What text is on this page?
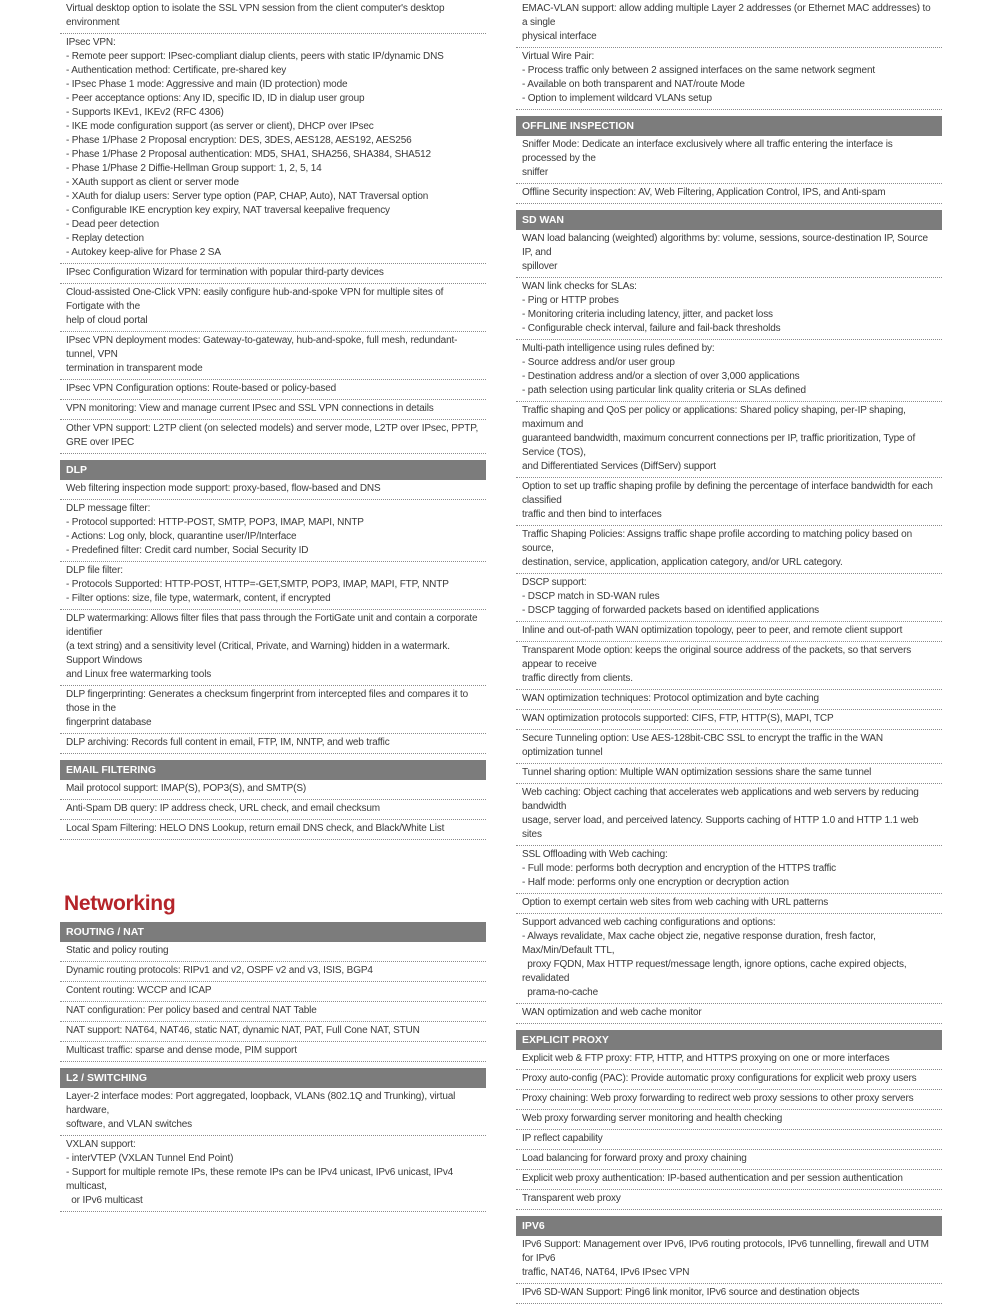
Virtual desktop option to isolate the SSL VPN session from the client computer's desktop environment
IPsec VPN:
- Remote peer support: IPsec-compliant dialup clients, peers with static IP/dynamic DNS
- Authentication method: Certificate, pre-shared key
- IPsec Phase 1 mode: Aggressive and main (ID protection) mode
- Peer acceptance options: Any ID, specific ID, ID in dialup user group
- Supports IKEv1, IKEv2 (RFC 4306)
- IKE mode configuration support (as server or client), DHCP over IPsec
- Phase 1/Phase 2 Proposal encryption: DES, 3DES, AES128, AES192, AES256
- Phase 1/Phase 2 Proposal authentication: MD5, SHA1, SHA256, SHA384, SHA512
- Phase 1/Phase 2 Diffie-Hellman Group support: 1, 2, 5, 14
- XAuth support as client or server mode
- XAuth for dialup users: Server type option (PAP, CHAP, Auto), NAT Traversal option
- Configurable IKE encryption key expiry, NAT traversal keepalive frequency
- Dead peer detection
- Replay detection
- Autokey keep-alive for Phase 2 SA
IPsec Configuration Wizard for termination with popular third-party devices
Cloud-assisted One-Click VPN: easily configure hub-and-spoke VPN for multiple sites of Fortigate with the
help of cloud portal
IPsec VPN deployment modes: Gateway-to-gateway, hub-and-spoke, full mesh, redundant-tunnel, VPN
termination in transparent mode
IPsec VPN Configuration options: Route-based or policy-based
VPN monitoring: View and manage current IPsec and SSL VPN connections in details
Other VPN support: L2TP client (on selected models) and server mode, L2TP over IPsec, PPTP,
GRE over IPEC
DLP
Web filtering inspection mode support: proxy-based, flow-based and DNS
DLP message filter:
- Protocol supported: HTTP-POST, SMTP, POP3, IMAP, MAPI, NNTP
- Actions: Log only, block, quarantine user/IP/Interface
- Predefined filter: Credit card number, Social Security ID
DLP file filter:
- Protocols Supported: HTTP-POST, HTTP=-GET,SMTP, POP3, IMAP, MAPI, FTP, NNTP
- Filter options: size, file type, watermark, content, if encrypted
DLP watermarking: Allows filter files that pass through the FortiGate unit and contain a corporate identifier
(a text string) and a sensitivity level (Critical, Private, and Warning) hidden in a watermark. Support Windows
and Linux free watermarking tools
DLP fingerprinting: Generates a checksum fingerprint from intercepted files and compares it to those in the
fingerprint database
DLP archiving: Records full content in email, FTP, IM, NNTP, and web traffic
EMAIL FILTERING
Mail protocol support: IMAP(S), POP3(S), and SMTP(S)
Anti-Spam DB query: IP address check, URL check, and email checksum
Local Spam Filtering: HELO DNS Lookup, return email DNS check, and Black/White List
Networking
ROUTING / NAT
Static and policy routing
Dynamic routing protocols: RIPv1 and v2, OSPF v2 and v3, ISIS, BGP4
Content routing: WCCP and ICAP
NAT configuration: Per policy based and central NAT Table
NAT support: NAT64, NAT46, static NAT, dynamic NAT, PAT, Full Cone NAT, STUN
Multicast traffic: sparse and dense mode, PIM support
L2 / SWITCHING
Layer-2 interface modes: Port aggregated, loopback, VLANs (802.1Q and Trunking), virtual hardware,
software, and VLAN switches
VXLAN support:
- interVTEP (VXLAN Tunnel End Point)
- Support for multiple remote IPs, these remote IPs can be IPv4 unicast, IPv6 unicast, IPv4 multicast,
or IPv6 multicast
EMAC-VLAN support: allow adding multiple Layer 2 addresses (or Ethernet MAC addresses) to a single
physical interface
Virtual Wire Pair:
- Process traffic only between 2 assigned interfaces on the same network segment
- Available on both transparent and NAT/route Mode
- Option to implement wildcard VLANs setup
OFFLINE INSPECTION
Sniffer Mode: Dedicate an interface exclusively where all traffic entering the interface is processed by the
sniffer
Offline Security inspection: AV, Web Filtering, Application Control, IPS, and Anti-spam
SD WAN
WAN load balancing (weighted) algorithms by: volume, sessions, source-destination IP, Source IP, and
spillover
WAN link checks for SLAs:
- Ping or HTTP probes
- Monitoring criteria including latency, jitter, and packet loss
- Configurable check interval, failure and fail-back thresholds
Multi-path intelligence using rules defined by:
- Source address and/or user group
- Destination address and/or a slection of over 3,000 applications
- path selection using particular link quality criteria or SLAs defined
Traffic shaping and QoS per policy or applications: Shared policy shaping, per-IP shaping, maximum and
guaranteed bandwidth, maximum concurrent connections per IP, traffic prioritization, Type of Service (TOS),
and Differentiated Services (DiffServ) support
Option to set up traffic shaping profile by defining the percentage of interface bandwidth for each classified
traffic and then bind to interfaces
Traffic Shaping Policies: Assigns traffic shape profile according to matching policy based on source,
destination, service, application, application category, and/or URL category.
DSCP support:
- DSCP match in SD-WAN rules
- DSCP tagging of forwarded packets based on identified applications
Inline and out-of-path WAN optimization topology, peer to peer, and remote client support
Transparent Mode option: keeps the original source address of the packets, so that servers appear to receive
traffic directly from clients.
WAN optimization techniques: Protocol optimization and byte caching
WAN optimization protocols supported: CIFS, FTP, HTTP(S), MAPI, TCP
Secure Tunneling option: Use AES-128bit-CBC SSL to encrypt the traffic in the WAN optimization tunnel
Tunnel sharing option: Multiple WAN optimization sessions share the same tunnel
Web caching: Object caching that accelerates web applications and web servers by reducing bandwidth
usage, server load, and perceived latency. Supports caching of HTTP 1.0 and HTTP 1.1 web sites
SSL Offloading with Web caching:
- Full mode: performs both decryption and encryption of the HTTPS traffic
- Half mode: performs only one encryption or decryption action
Option to exempt certain web sites from web caching with URL patterns
Support advanced web caching configurations and options:
- Always revalidate, Max cache object zie, negative response duration, fresh factor, Max/Min/Default TTL,
proxy FQDN, Max HTTP request/message length, ignore options, cache expired objects, revalidated
prama-no-cache
WAN optimization and web cache monitor
EXPLICIT PROXY
Explicit web & FTP proxy: FTP, HTTP, and HTTPS proxying on one or more interfaces
Proxy auto-config (PAC): Provide automatic proxy configurations for explicit web proxy users
Proxy chaining: Web proxy forwarding to redirect web proxy sessions to other proxy servers
Web proxy forwarding server monitoring and health checking
IP reflect capability
Load balancing for forward proxy and proxy chaining
Explicit web proxy authentication: IP-based authentication and per session authentication
Transparent web proxy
IPV6
IPv6 Support: Management over IPv6, IPv6 routing protocols, IPv6 tunnelling, firewall and UTM for IPv6
traffic, NAT46, NAT64, IPv6 IPsec VPN
IPv6 SD-WAN Support: Ping6 link monitor, IPv6 source and destination objects
